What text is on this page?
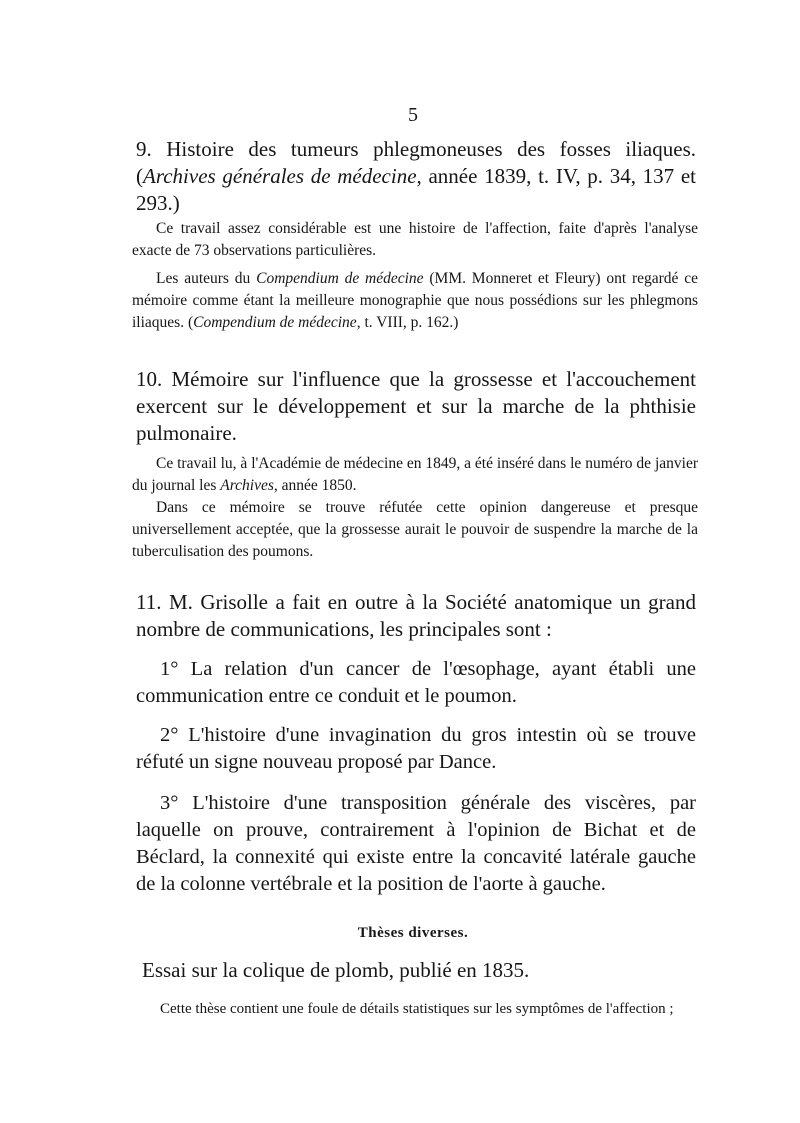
5
9. Histoire des tumeurs phlegmoneuses des fosses iliaques. (Archives générales de médecine, année 1839, t. IV, p. 34, 137 et 293.)
Ce travail assez considérable est une histoire de l'affection, faite d'après l'analyse exacte de 73 observations particulières.
Les auteurs du Compendium de médecine (MM. Monneret et Fleury) ont regardé ce mémoire comme étant la meilleure monographie que nous possédions sur les phlegmons iliaques. (Compendium de médecine, t. VIII, p. 162.)
10. Mémoire sur l'influence que la grossesse et l'accouchement exercent sur le développement et sur la marche de la phthisie pulmonaire.
Ce travail lu, à l'Académie de médecine en 1849, a été inséré dans le numéro de janvier du journal les Archives, année 1850.
Dans ce mémoire se trouve réfutée cette opinion dangereuse et presque universellement acceptée, que la grossesse aurait le pouvoir de suspendre la marche de la tuberculisation des poumons.
11. M. Grisolle a fait en outre à la Société anatomique un grand nombre de communications, les principales sont :
1° La relation d'un cancer de l'œsophage, ayant établi une communication entre ce conduit et le poumon.
2° L'histoire d'une invagination du gros intestin où se trouve réfuté un signe nouveau proposé par Dance.
3° L'histoire d'une transposition générale des viscères, par laquelle on prouve, contrairement à l'opinion de Bichat et de Béclard, la connexité qui existe entre la concavité latérale gauche de la colonne vertébrale et la position de l'aorte à gauche.
Thèses diverses.
Essai sur la colique de plomb, publié en 1835.
Cette thèse contient une foule de détails statistiques sur les symptômes de l'affection ;
